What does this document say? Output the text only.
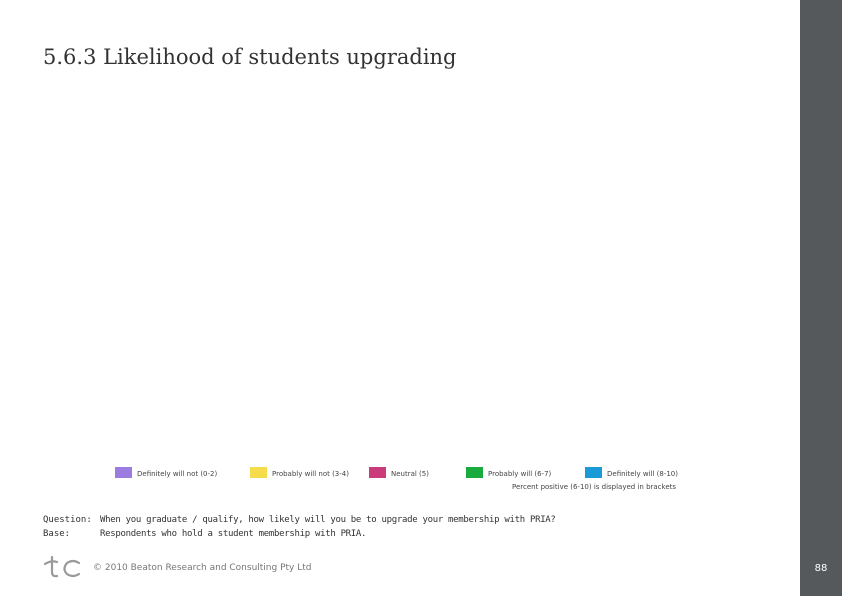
5.6.3 Likelihood of students upgrading
88
Definitely will not (0-2)	Probably will not (3-4)	Neutral (5)	Probably will (6-7)	Definitely will (8-10)
Percent positive (6-10) is displayed in brackets
Question: When you graduate / qualify, how likely will you be to upgrade your membership with PRIA?
Base:	Respondents who hold a student membership with PRIA.
© 2010 Beaton Research and Consulting Pty Ltd
